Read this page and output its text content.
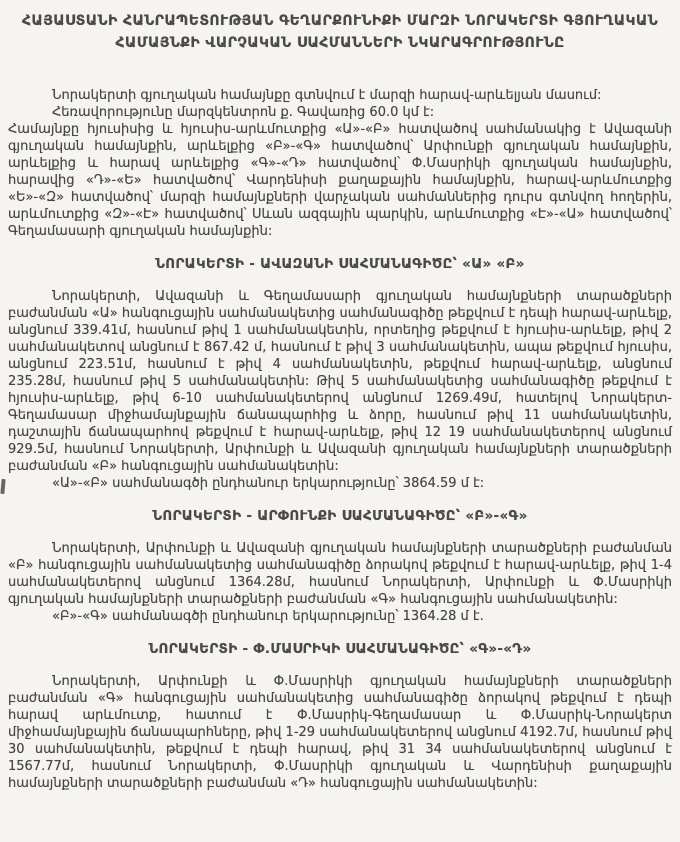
ՀԱՅԱՍՏԱՆԻ ՀԱՆՐԱՊԵՏՈՒԹՅԱՆ ԳԵՂԱՐՔՈՒՆԻՔԻ ՄԱՐԶԻ ՆՈՐԱԿԵՐՏԻ ԳՅՈՒՂԱԿԱՆ
ՀԱՄԱՅՆՔԻ ՎԱՐՉԱԿԱՆ ՍԱՀՄԱՆՆԵՐԻ ՆԿԱՐԱԳՐՈՒԹՅՈՒՆԸ
Նորակերտի գյուղական համայնքը գտնվում է մարզի հարավ-արևելյան մասում:
Հեռավորությունը մարզկենտրոն ք. Գավառից 60.0 կմ է:
Համայնքը հյուսիսից և հյուսիս-արևմուտքից «Ա»-«Բ» հատվածով սահմանակից է Ավազանի գյուղական համայնքին, արևելքից «Բ»-«Գ» հատվածով՝ Արփունքի գյուղական համայնքին, արևելքից և հարավ արևելքից «Գ»-«Դ» հատվածով՝ Փ.Մասրիկի գյուղական համայնքին, հարավից «Դ»-«Ե» հատվածով՝ Վարդենիսի քաղաքային համայնքին, հարավ-արևմուտքից «Ե»-«Զ» հատվածով՝ մարզի համայնքների վարչական սահմաններից դուրս գտնվող հողերին, արևմուտքից «Զ»-«Է» հատվածով՝ Սևան ազգային պարկին, արևմուտքից «Է»-«Ա» հատվածով՝ Գեղամասարի գյուղական համայնքին:
ՆՈՐԱԿԵՐՏԻ - ԱՎԱԶԱՆԻ ՍԱՀՄԱՆԱԳԻԾԸ՝ «Ա» «Բ»
Նորակերտի, Ավազանի և Գեղամասարի գյուղական համայնքների տարածքների բաժանման «Ա» հանգուցային սահմանակետից սահմանագիծը թեքվում է դեպի հարավ-արևելք, անցնում 339.41մ, հասնում թիվ 1 սահմանակետին, որտեղից թեքվում է հյուսիս-արևելք, թիվ 2 սահմանակետով անցնում է 867.42 մ, հասնում է թիվ 3 սահմանակետին, ապա թեքվում հյուսիս, անցնում 223.51մ, հասնում է թիվ 4 սահմանակետին, թեքվում հարավ-արևելք, անցնում 235.28մ, հասնում թիվ 5 սահմանակետին: Թիվ 5 սահմանակետից սահմանագիծը թեքվում է հյուսիս-արևելք, թիվ 6-10 սահմանակետերով անցնում 1269.49մ, հատելով Նորակերտ-Գեղամասար միջհամայնքային ճանապարհից և ձորը, հասնում թիվ 11 սահմանակետին, դաշտային ճանապարհով թեքվում է հարավ-արևելք, թիվ 12 19 սահմանակետերով անցնում 929.5մ, հասնում Նորակերտի, Արփունքի և Ավազանի գյուղական համայնքների տարածքների բաժանման «Բ» հանգուցային սահմանակետին:
«Ա»-«Բ» սահմանագծի ընդհանուր երկարությունը՝ 3864.59 մ է:
ՆՈՐԱԿԵՐՏԻ - ԱՐՓՈՒՆՔԻ ՍԱՀՄԱՆԱԳԻԾԸ՝ «Բ»-«Գ»
Նորակերտի, Արփունքի և Ավազանի գյուղական համայնքների տարածքների բաժանման «Բ» հանգուցային սահմանակետից սահմանագիծը ձորակով թեքվում է հարավ-արևելք, թիվ 1-4 սահմանակետերով անցնում 1364.28մ, հասնում Նորակերտի, Արփունքի և Փ.Մասրիկի գյուղական համայնքների տարածքների բաժանման «Գ» հանգուցային սահմանակետին:
«Բ»-«Գ» սահմանագծի ընդհանուր երկարությունը՝ 1364.28 մ է.
ՆՈՐԱԿԵՐՏԻ - Փ.ՄԱՍՐԻԿԻ ՍԱՀՄԱՆԱԳԻԾԸ՝ «Գ»-«Դ»
Նորակերտի, Արփունքի և Փ.Մասրիկի գյուղական համայնքների տարածքների բաժանման «Գ» հանգուցային սահմանակետից սահմանագիծը ձորակով թեքվում է դեպի հարավ արևմուտք, հատում է Փ.Մասրիկ-Գեղամասար և Փ.Մասրիկ-Նորակերտ միջհամայնքային ճանապարհները, թիվ 1-29 սահմանակետերով անցնում 4192.7մ, հասնում թիվ 30 սահմանակետին, թեքվում է դեպի հարավ, թիվ 31 34 սահմանակետերով անցնում է 1567.77մ, հասնում Նորակերտի, Փ.Մասրիկի գյուղական և Վարդենիսի քաղաքային համայնքների տարածքների բաժանման «Դ» հանգուցային սահմանակետին:
